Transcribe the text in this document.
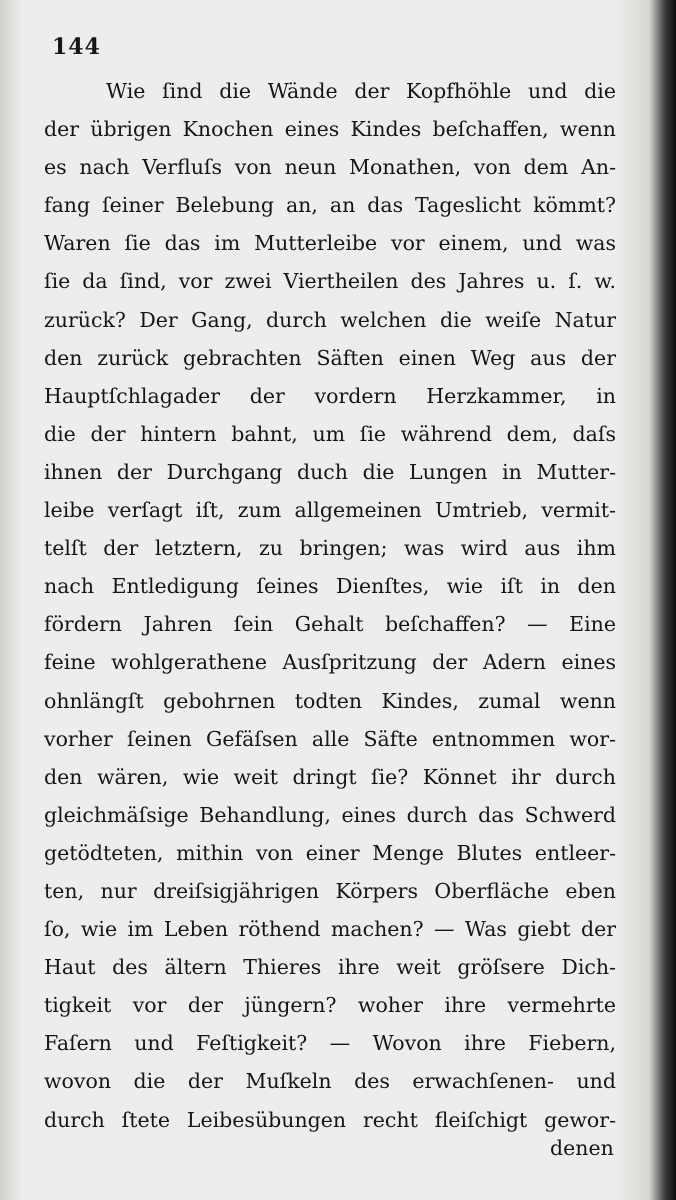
144
Wie ſind die Wände der Kopfhöhle und die
der übrigen Knochen eines Kindes beſchaffen, wenn
es nach Verfluſs von neun Monathen, von dem An-
fang ſeiner Belebung an, an das Tageslicht kömmt?
Waren ſie das im Mutterleibe vor einem, und was
ſie da ſind, vor zwei Viertheilen des Jahres u. ſ. w.
zurück? Der Gang, durch welchen die weiſe Natur
den zurück gebrachten Säften einen Weg aus der
Hauptſchlagader der vordern Herzkammer, in
die der hintern bahnt, um ſie während dem, daſs
ihnen der Durchgang duch die Lungen in Mutter-
leibe verſagt iſt, zum allgemeinen Umtrieb, vermit-
telſt der letztern, zu bringen; was wird aus ihm
nach Entledigung ſeines Dienſtes, wie iſt in den
fördern Jahren ſein Gehalt beſchaffen? — Eine
feine wohlgerathene Ausſpritzung der Adern eines
ohnlängſt gebohrnen todten Kindes, zumal wenn
vorher ſeinen Gefäſsen alle Säfte entnommen wor-
den wären, wie weit dringt ſie? Könnet ihr durch
gleichmäſsige Behandlung, eines durch das Schwerd
getödteten, mithin von einer Menge Blutes entleer-
ten, nur dreiſsigjährigen Körpers Oberfläche eben
ſo, wie im Leben röthend machen? — Was giebt der
Haut des ältern Thieres ihre weit gröſsere Dich-
tigkeit vor der jüngern? woher ihre vermehrte
Faſern und Feſtigkeit? — Wovon ihre Fiebern,
wovon die der Muſkeln des erwachſenen- und
durch ſtete Leibesübungen recht fleiſchigt gewor-
denen
